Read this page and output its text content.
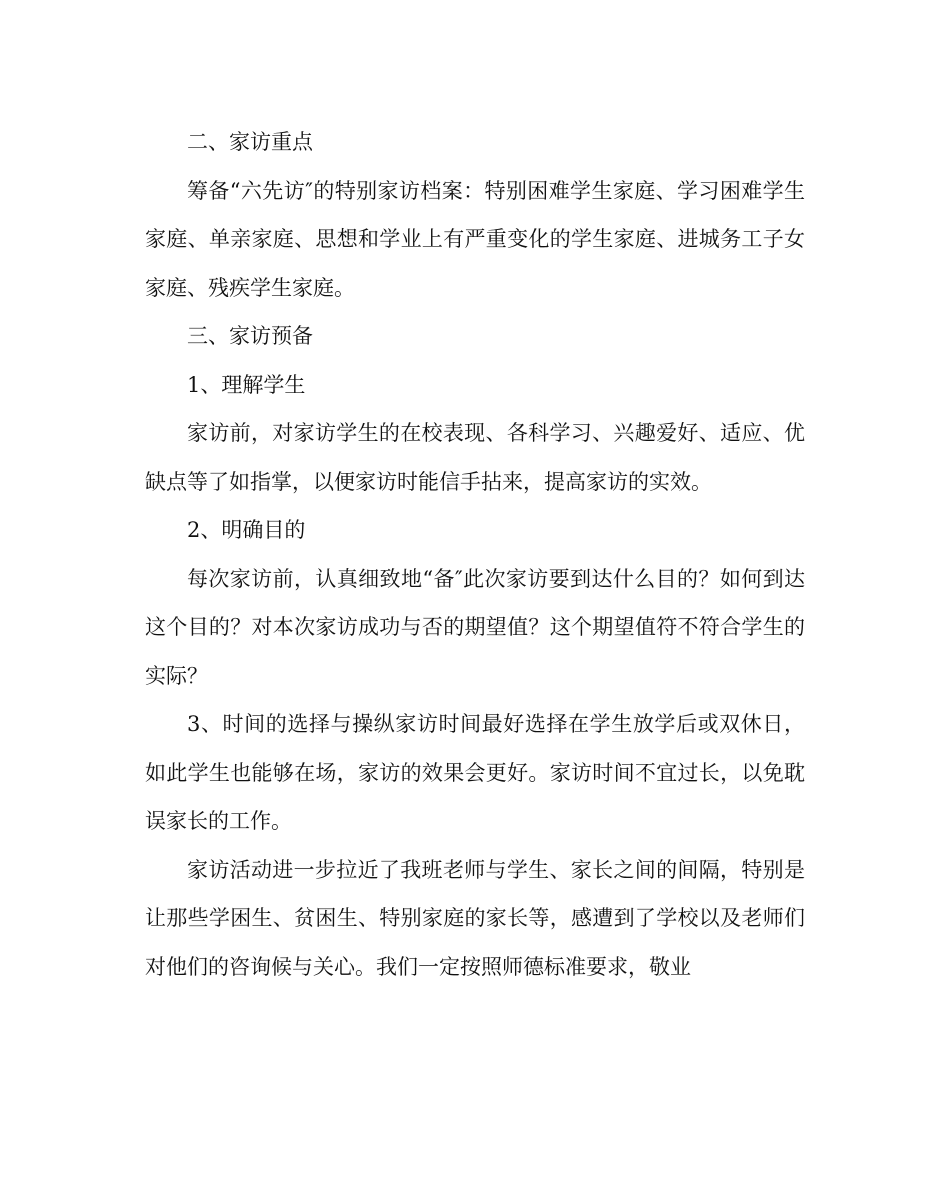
二、家访重点

筹备“六先访″的特别家访档案：特别困难学生家庭、学习困难学生家庭、单亲家庭、思想和学业上有严重变化的学生家庭、进城务工子女家庭、残疾学生家庭。

三、家访预备

1、理解学生

家访前，对家访学生的在校表现、各科学习、兴趣爱好、适应、优缺点等了如指掌，以便家访时能信手拈来，提高家访的实效。

2、明确目的

每次家访前，认真细致地“备″此次家访要到达什么目的？如何到达这个目的？对本次家访成功与否的期望值？这个期望值符不符合学生的实际？

3、时间的选择与操纵家访时间最好选择在学生放学后或双休日，如此学生也能够在场，家访的效果会更好。家访时间不宜过长，以免耽误家长的工作。

家访活动进一步拉近了我班老师与学生、家长之间的间隔，特别是让那些学困生、贫困生、特别家庭的家长等，感遭到了学校以及老师们对他们的咨询候与关心。我们一定按照师德标准要求，敬业
